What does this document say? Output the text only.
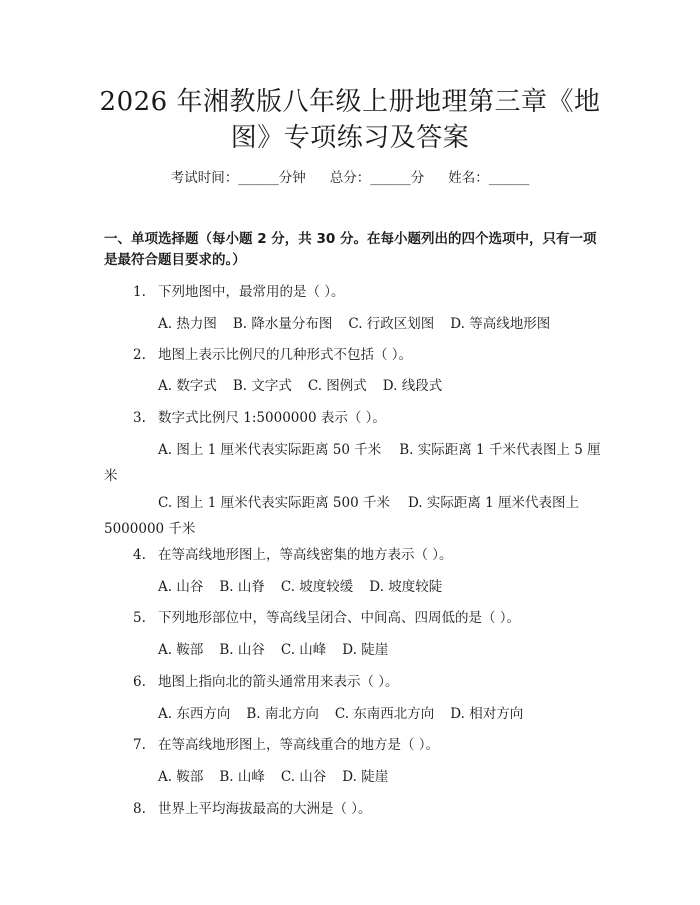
2026 年湘教版八年级上册地理第三章《地
图》专项练习及答案
考试时间：______分钟 总分：______分 姓名：______
一、单项选择题（每小题 2 分，共 30 分。在每小题列出的四个选项中，只有一项是最符合题目要求的。）
1. 下列地图中，最常用的是（ ）。
A. 热力图 B. 降水量分布图 C. 行政区划图 D. 等高线地形图
2. 地图上表示比例尺的几种形式不包括（ ）。
A. 数字式 B. 文字式 C. 图例式 D. 线段式
3. 数字式比例尺 1:5000000 表示（ ）。
A. 图上 1 厘米代表实际距离 50 千米 B. 实际距离 1 千米代表图上 5 厘米
C. 图上 1 厘米代表实际距离 500 千米 D. 实际距离 1 厘米代表图上 5000000 千米
4. 在等高线地形图上，等高线密集的地方表示（ ）。
A. 山谷 B. 山脊 C. 坡度较缓 D. 坡度较陡
5. 下列地形部位中，等高线呈闭合、中间高、四周低的是（ ）。
A. 鞍部 B. 山谷 C. 山峰 D. 陡崖
6. 地图上指向北的箭头通常用来表示（ ）。
A. 东西方向 B. 南北方向 C. 东南西北方向 D. 相对方向
7. 在等高线地形图上，等高线重合的地方是（ ）。
A. 鞍部 B. 山峰 C. 山谷 D. 陡崖
8. 世界上平均海拔最高的大洲是（ ）。
